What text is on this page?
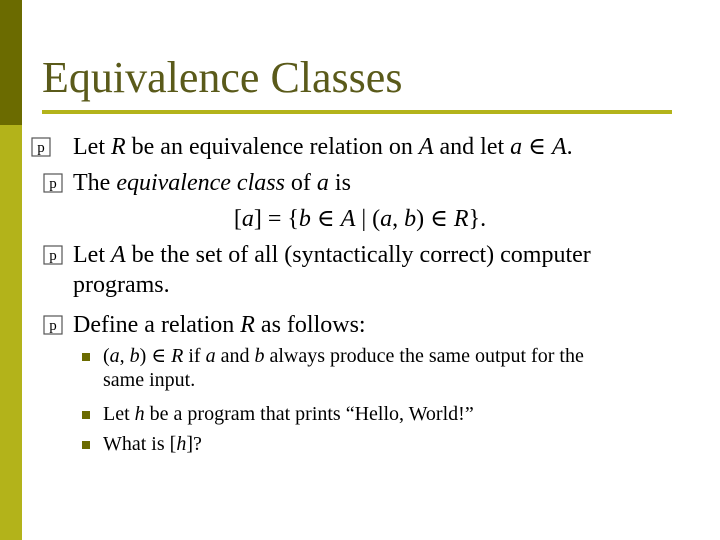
Equivalence Classes
p Let R be an equivalence relation on A and let a ∈ A.
p The equivalence class of a is
[a] = {b ∈ A | (a, b) ∈ R}.
p Let A be the set of all (syntactically correct) computer
programs.
p Define a relation R as follows:
(a, b) ∈ R if a and b always produce the same output for the
same input.
Let h be a program that prints “Hello, World!”
What is [h]?
